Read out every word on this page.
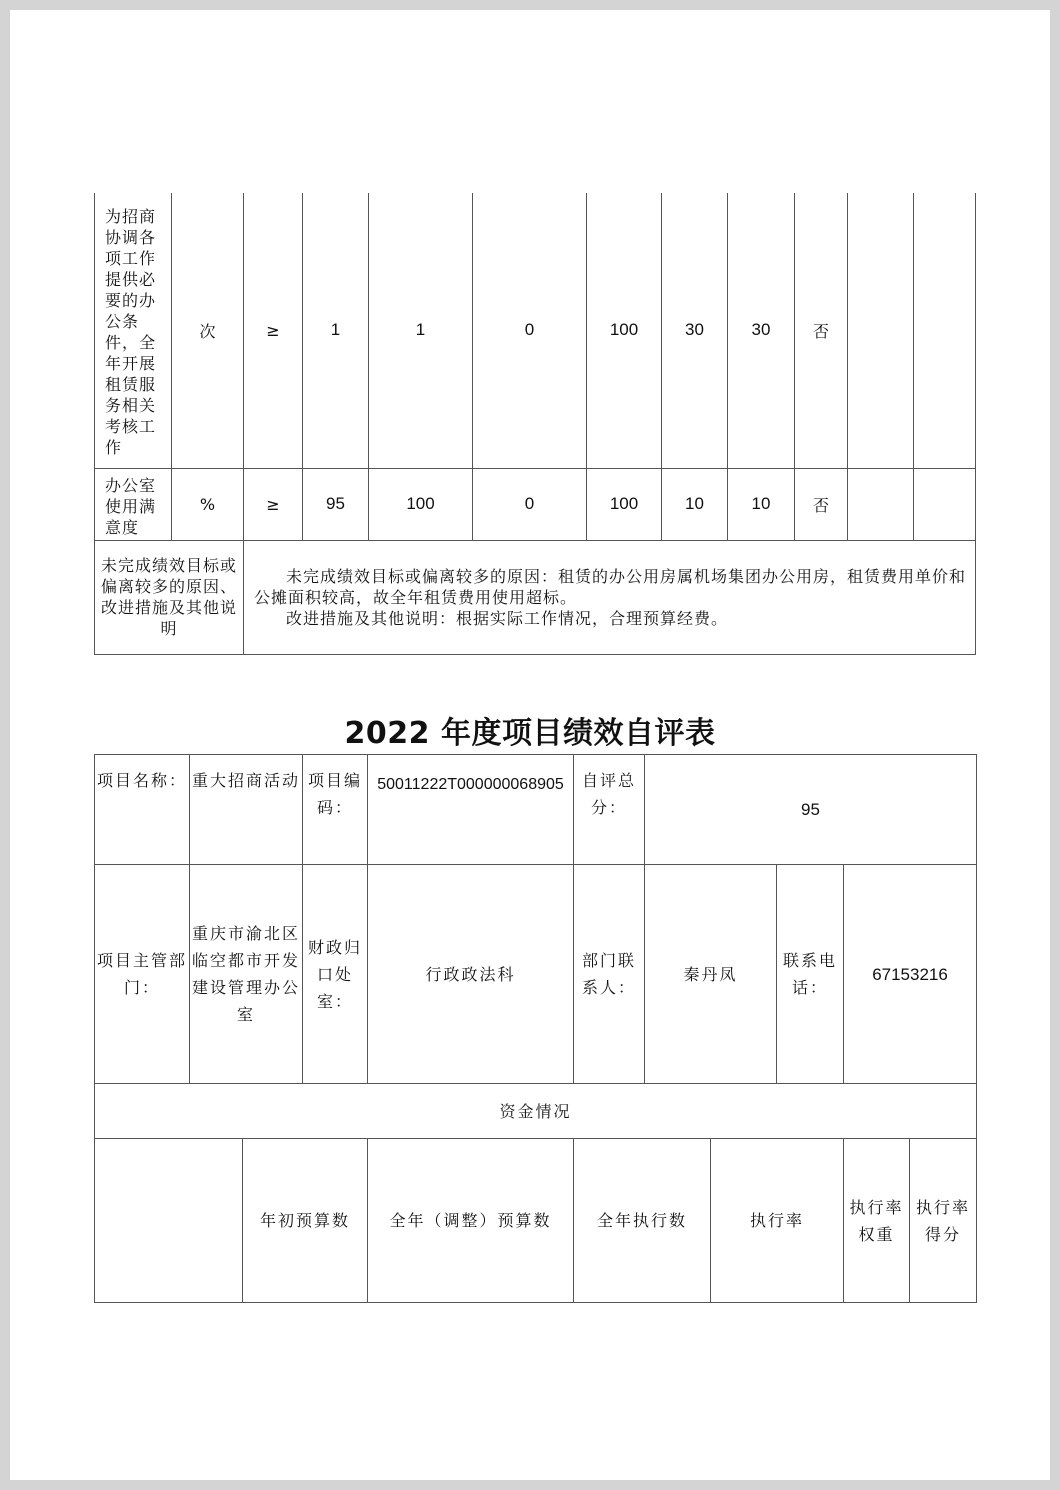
为招商协调各项工作提供必要的办公条件，全年开展租赁服务相关考核工作	次	≥	1	1	0	100	30	30	否		
办公室使用满意度	%	≥	95	100	0	100	10	10	否		
未完成绩效目标或偏离较多的原因、改进措施及其他说明		未完成绩效目标或偏离较多的原因：租赁的办公用房属机场集团办公用房，租赁费用单价和公摊面积较高，故全年租赁费用使用超标。
改进措施及其他说明：根据实际工作情况，合理预算经费。									
2022 年度项目绩效自评表
项目名称：	重大招商活动		项目编码：	50011222T000000068905	自评总分：	95				
项目主管部门：	重庆市渝北区临空都市开发建设管理办公室		财政归口处室：	行政政法科	部门联系人：	秦丹凤		联系电话：	67153216	
资金情况										
		年初预算数		全年（调整）预算数	全年执行数		执行率		执行率权重	执行率得分
